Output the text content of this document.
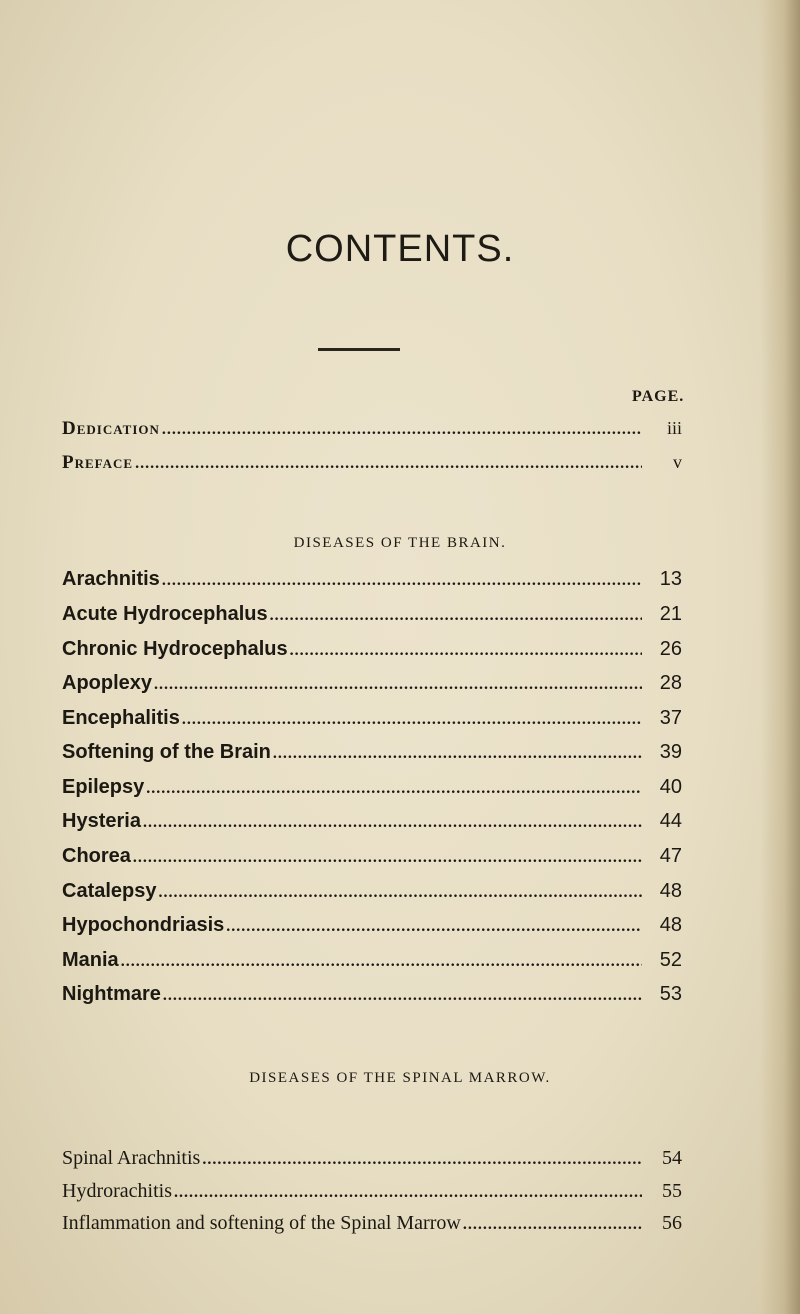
CONTENTS.
PAGE.
Dedication .....	iii
Preface .....	v
DISEASES OF THE BRAIN.
Arachnitis .....	13
Acute Hydrocephalus .....	21
Chronic Hydrocephalus .....	26
Apoplexy .....	28
Encephalitis .....	37
Softening of the Brain .....	39
Epilepsy .....	40
Hysteria .....	44
Chorea .....	47
Catalepsy .....	48
Hypochondriasis .....	48
Mania .....	52
Nightmare .....	53
DISEASES OF THE SPINAL MARROW.
Spinal Arachnitis .....	54
Hydrorachitis .....	55
Inflammation and softening of the Spinal Marrow .....	56
